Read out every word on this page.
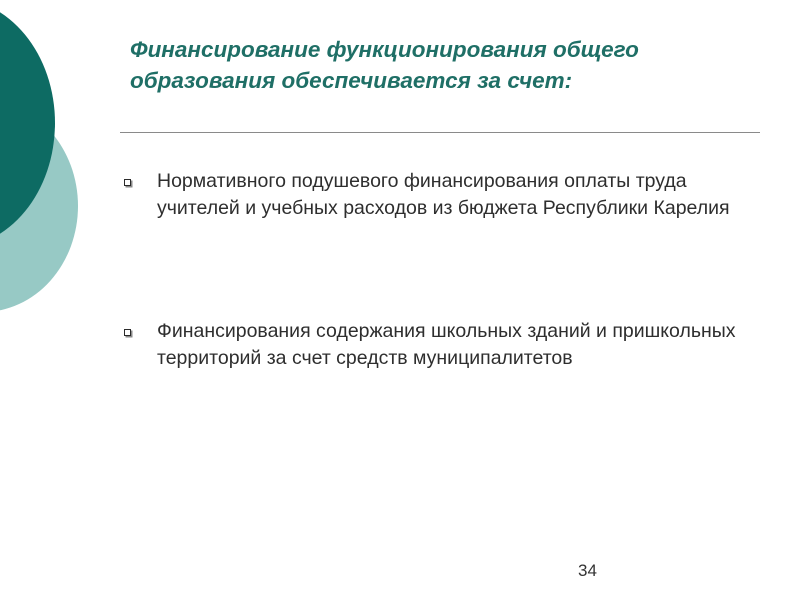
Финансирование функционирования общего образования обеспечивается за счет:
Нормативного подушевого финансирования оплаты труда учителей и учебных расходов из бюджета Республики Карелия
Финансирования содержания школьных зданий и пришкольных территорий за счет средств муниципалитетов
34
